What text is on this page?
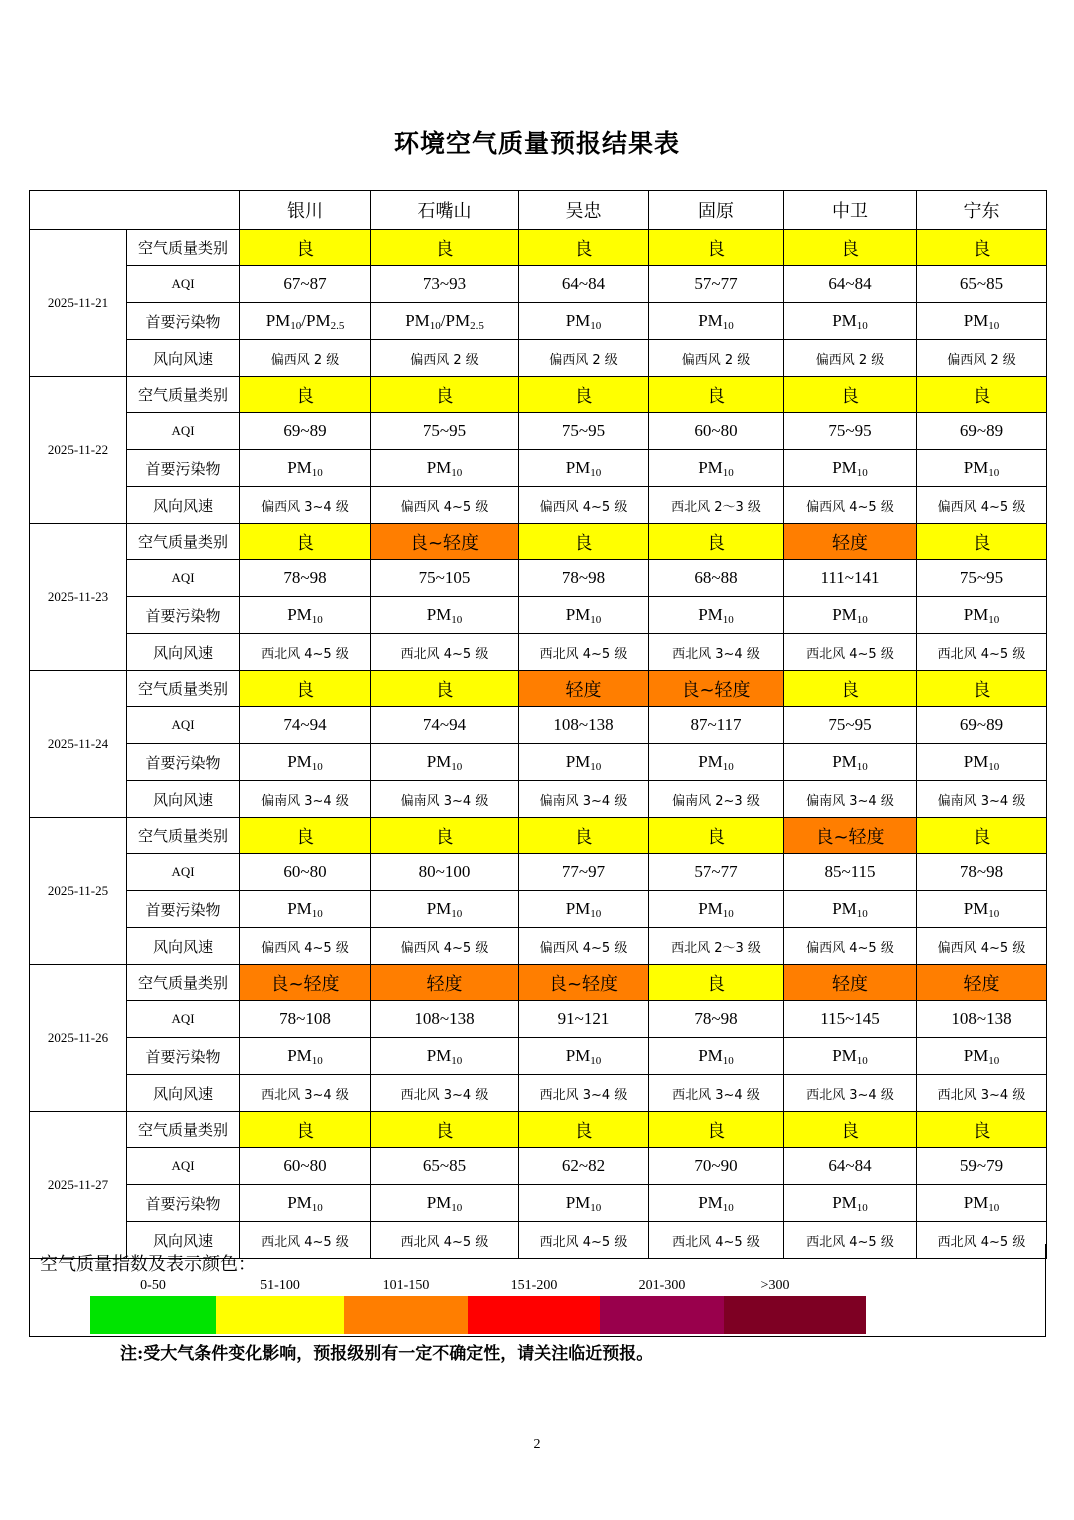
环境空气质量预报结果表
		银川	石嘴山	吴忠	固原	中卫	宁东
2025-11-21	空气质量类别	良	良	良	良	良	良
	AQI	67~87	73~93	64~84	57~77	64~84	65~85
	首要污染物	$PM_{10}/PM_{2.5}$	$PM_{10}/PM_{2.5}$	$PM_{10}$	$PM_{10}$	$PM_{10}$	$PM_{10}$
	风向风速	偏西风 2 级	偏西风 2 级	偏西风 2 级	偏西风 2 级	偏西风 2 级	偏西风 2 级
2025-11-22	空气质量类别	良	良	良	良	良	良
	AQI	69~89	75~95	75~95	60~80	75~95	69~89
	首要污染物	$PM_{10}$	$PM_{10}$	$PM_{10}$	$PM_{10}$	$PM_{10}$	$PM_{10}$
	风向风速	偏西风 3~4 级	偏西风 4~5 级	偏西风 4~5 级	西北风 2～3 级	偏西风 4~5 级	偏西风 4~5 级
2025-11-23	空气质量类别	良	良~轻度	良	良	轻度	良
	AQI	78~98	75~105	78~98	68~88	111~141	75~95
	首要污染物	$PM_{10}$	$PM_{10}$	$PM_{10}$	$PM_{10}$	$PM_{10}$	$PM_{10}$
	风向风速	西北风 4~5 级	西北风 4~5 级	西北风 4~5 级	西北风 3~4 级	西北风 4~5 级	西北风 4~5 级
2025-11-24	空气质量类别	良	良	轻度	良~轻度	良	良
	AQI	74~94	74~94	108~138	87~117	75~95	69~89
	首要污染物	$PM_{10}$	$PM_{10}$	$PM_{10}$	$PM_{10}$	$PM_{10}$	$PM_{10}$
	风向风速	偏南风 3~4 级	偏南风 3~4 级	偏南风 3~4 级	偏南风 2~3 级	偏南风 3~4 级	偏南风 3~4 级
2025-11-25	空气质量类别	良	良	良	良	良~轻度	良
	AQI	60~80	80~100	77~97	57~77	85~115	78~98
	首要污染物	$PM_{10}$	$PM_{10}$	$PM_{10}$	$PM_{10}$	$PM_{10}$	$PM_{10}$
	风向风速	偏西风 4~5 级	偏西风 4~5 级	偏西风 4~5 级	西北风 2～3 级	偏西风 4~5 级	偏西风 4~5 级
2025-11-26	空气质量类别	良~轻度	轻度	良~轻度	良	轻度	轻度
	AQI	78~108	108~138	91~121	78~98	115~145	108~138
	首要污染物	$PM_{10}$	$PM_{10}$	$PM_{10}$	$PM_{10}$	$PM_{10}$	$PM_{10}$
	风向风速	西北风 3~4 级	西北风 3~4 级	西北风 3~4 级	西北风 3~4 级	西北风 3~4 级	西北风 3~4 级
2025-11-27	空气质量类别	良	良	良	良	良	良
	AQI	60~80	65~85	62~82	70~90	64~84	59~79
	首要污染物	$PM_{10}$	$PM_{10}$	$PM_{10}$	$PM_{10}$	$PM_{10}$	$PM_{10}$
	风向风速	西北风 4~5 级	西北风 4~5 级	西北风 4~5 级	西北风 4~5 级	西北风 4~5 级	西北风 4~5 级
空气质量指数及表示颜色：
0-50	51-100	101-150	151-200	201-300	>300
注:受大气条件变化影响，预报级别有一定不确定性，请关注临近预报。
2
